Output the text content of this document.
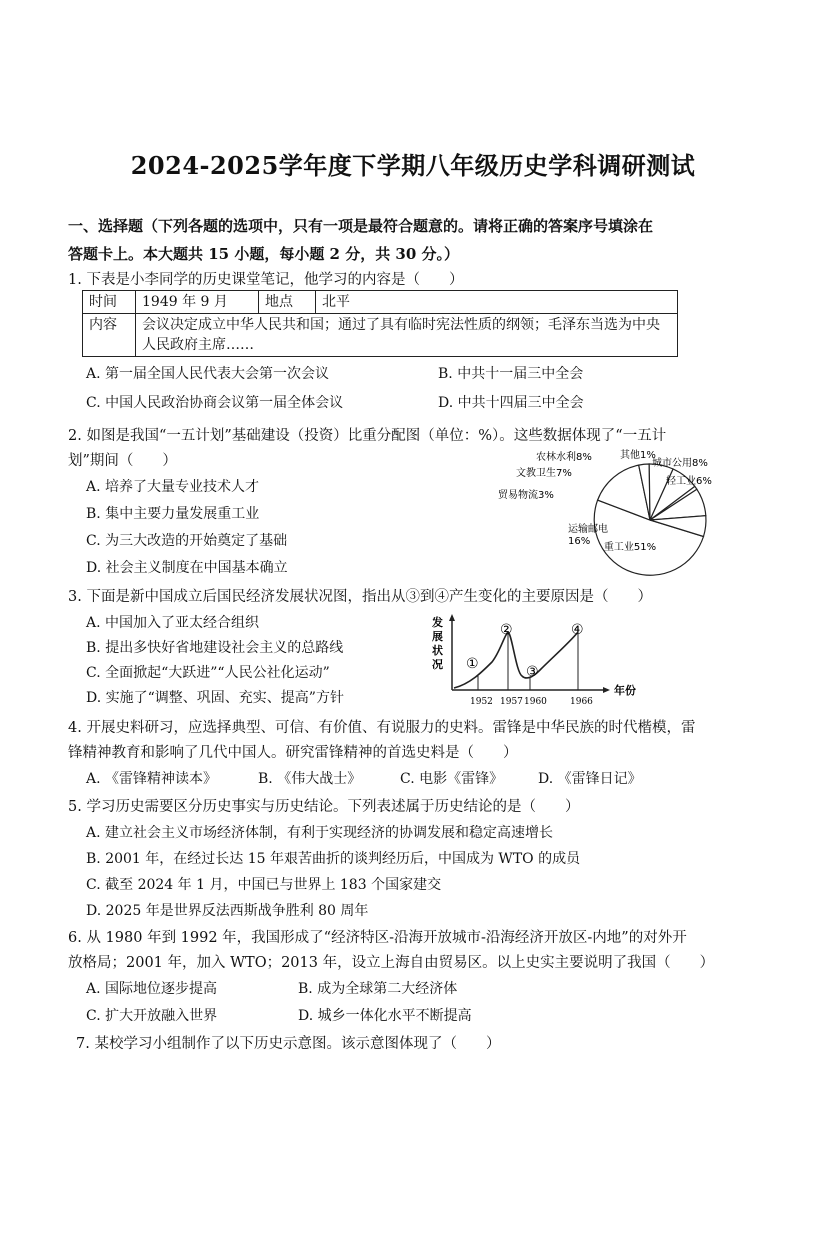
2024-2025学年度下学期八年级历史学科调研测试
一、选择题（下列各题的选项中，只有一项是最符合题意的。请将正确的答案序号填涂在
答题卡上。本大题共 15 小题，每小题 2 分，共 30 分。）
1. 下表是小李同学的历史课堂笔记，他学习的内容是（　　）
时间	1949 年 9 月	地点	北平
内容	会议决定成立中华人民共和国；通过了具有临时宪法性质的纲领；毛泽东当选为中央人民政府主席……		
A. 第一届全国人民代表大会第一次会议	B. 中共十一届三中全会
C. 中国人民政治协商会议第一届全体会议	D. 中共十四届三中全会
2. 如图是我国“一五计划”基础建设（投资）比重分配图（单位：%）。这些数据体现了“一五计
划”期间（　　）
A. 培养了大量专业技术人才
B. 集中主要力量发展重工业
C. 为三大改造的开始奠定了基础
D. 社会主义制度在中国基本确立
重工业51%
运输邮电
16%
贸易物流3%
文教卫生7%
农林水利8%	其他1%
城市公用8%
轻工业6%
3. 下面是新中国成立后国民经济发展状况图，指出从③到④产生变化的主要原因是（　　）
A. 中国加入了亚太经合组织
B. 提出多快好省地建设社会主义的总路线
C. 全面掀起“大跃进”“人民公社化运动”
D. 实施了“调整、巩固、充实、提高”方针
发
展
状
况 ①
②
③
④
1952 1957 1960	1966
年份
4. 开展史料研习，应选择典型、可信、有价值、有说服力的史料。雷锋是中华民族的时代楷模，雷
锋精神教育和影响了几代中国人。研究雷锋精神的首选史料是（　　）
A. 《雷锋精神读本》	B. 《伟大战士》	C. 电影《雷锋》 D. 《雷锋日记》
5. 学习历史需要区分历史事实与历史结论。下列表述属于历史结论的是（　　）
A. 建立社会主义市场经济体制，有利于实现经济的协调发展和稳定高速增长
B. 2001 年，在经过长达 15 年艰苦曲折的谈判经历后，中国成为 WTO 的成员
C. 截至 2024 年 1 月，中国已与世界上 183 个国家建交
D. 2025 年是世界反法西斯战争胜利 80 周年
6. 从 1980 年到 1992 年，我国形成了“经济特区-沿海开放城市-沿海经济开放区-内地”的对外开
放格局；2001 年，加入 WTO；2013 年，设立上海自由贸易区。以上史实主要说明了我国（　　）
A. 国际地位逐步提高	B. 成为全球第二大经济体
C. 扩大开放融入世界	D. 城乡一体化水平不断提高
7. 某校学习小组制作了以下历史示意图。该示意图体现了（　　）
